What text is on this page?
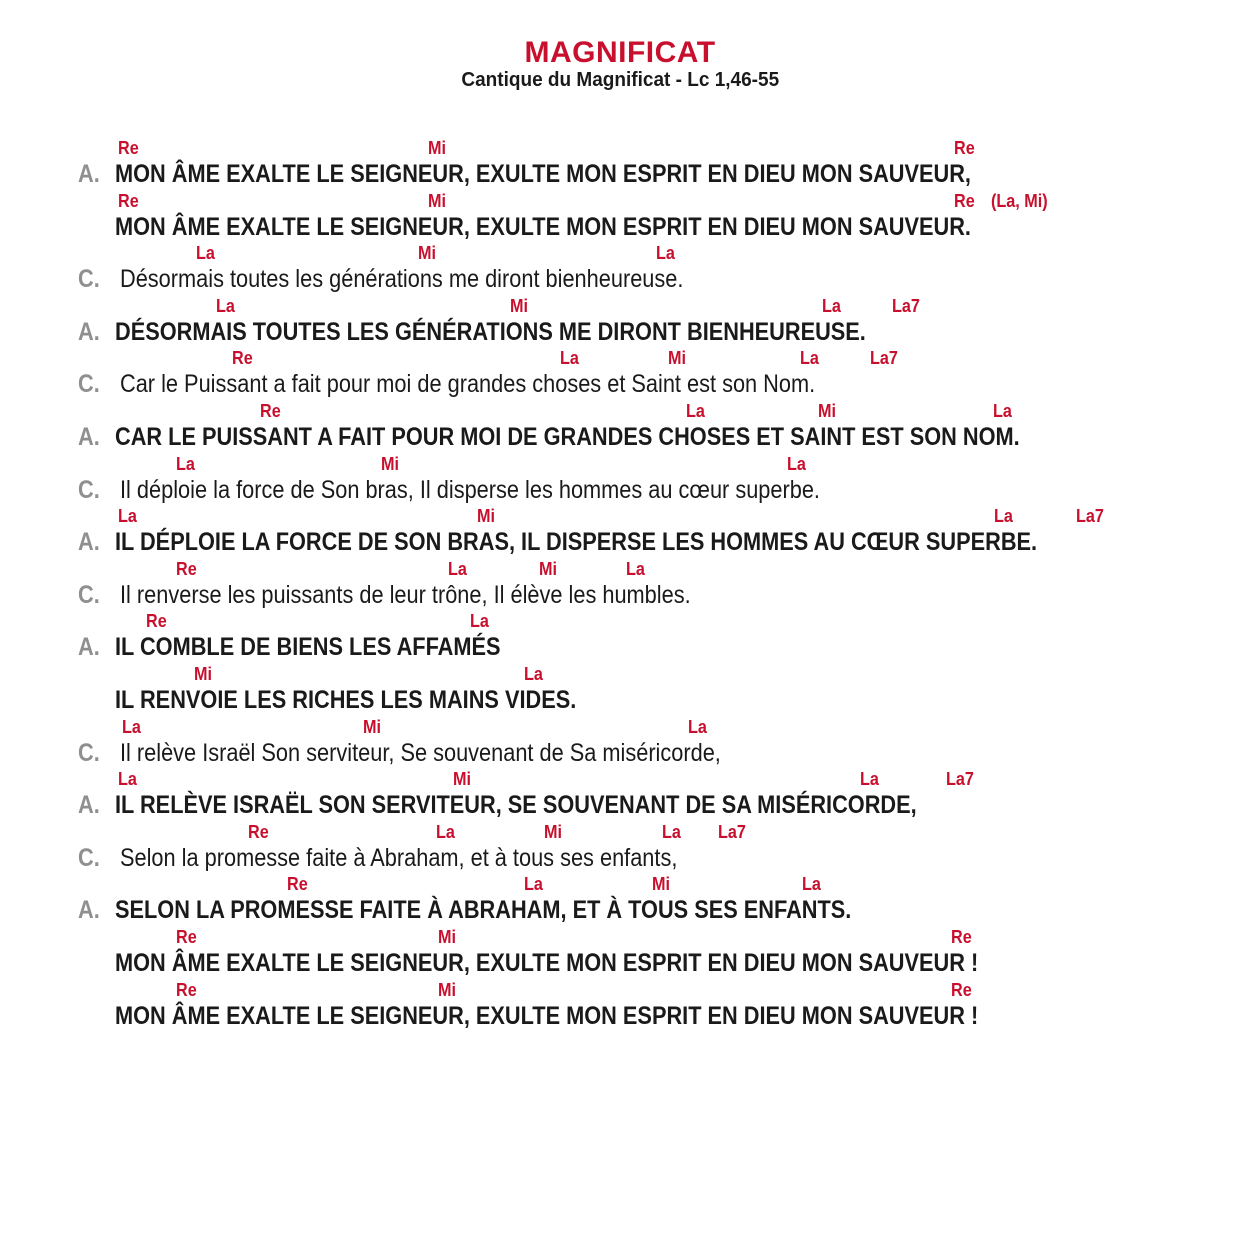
MAGNIFICAT
Cantique du Magnificat - Lc 1,46-55
Re	Mi	Re
A. MON ÂME EXALTE LE SEIGNEUR, EXULTE MON ESPRIT EN DIEU MON SAUVEUR,
Re	Mi	Re (La, Mi)
MON ÂME EXALTE LE SEIGNEUR, EXULTE MON ESPRIT EN DIEU MON SAUVEUR.
La	Mi	La
C. Désormais toutes les générations me diront bienheureuse.
La	Mi	La	La7
A. DÉSORMAIS TOUTES LES GÉNÉRATIONS ME DIRONT BIENHEUREUSE.
Re	La	Mi	La	La7
C. Car le Puissant a fait pour moi de grandes choses et Saint est son Nom.
Re	La	Mi	La
A. CAR LE PUISSANT A FAIT POUR MOI DE GRANDES CHOSES ET SAINT EST SON NOM.
La	Mi	La
C. Il déploie la force de Son bras, Il disperse les hommes au cœur superbe.
La	Mi	La	La7
A. IL DÉPLOIE LA FORCE DE SON BRAS, IL DISPERSE LES HOMMES AU CŒUR SUPERBE.
Re	La	Mi	La
C. Il renverse les puissants de leur trône, Il élève les humbles.
Re	La
A. IL COMBLE DE BIENS LES AFFAMÉS
Mi	La
IL RENVOIE LES RICHES LES MAINS VIDES.
La	Mi	La
C. Il relève Israël Son serviteur, Se souvenant de Sa miséricorde,
La	Mi	La	La7
A. IL RELÈVE ISRAËL SON SERVITEUR, SE SOUVENANT DE SA MISÉRICORDE,
Re	La	Mi	La La7
C. Selon la promesse faite à Abraham, et à tous ses enfants,
Re	La	Mi	La
A. SELON LA PROMESSE FAITE À ABRAHAM, ET À TOUS SES ENFANTS.
Re	Mi	Re
MON ÂME EXALTE LE SEIGNEUR, EXULTE MON ESPRIT EN DIEU MON SAUVEUR !
Re	Mi	Re
MON ÂME EXALTE LE SEIGNEUR, EXULTE MON ESPRIT EN DIEU MON SAUVEUR !
